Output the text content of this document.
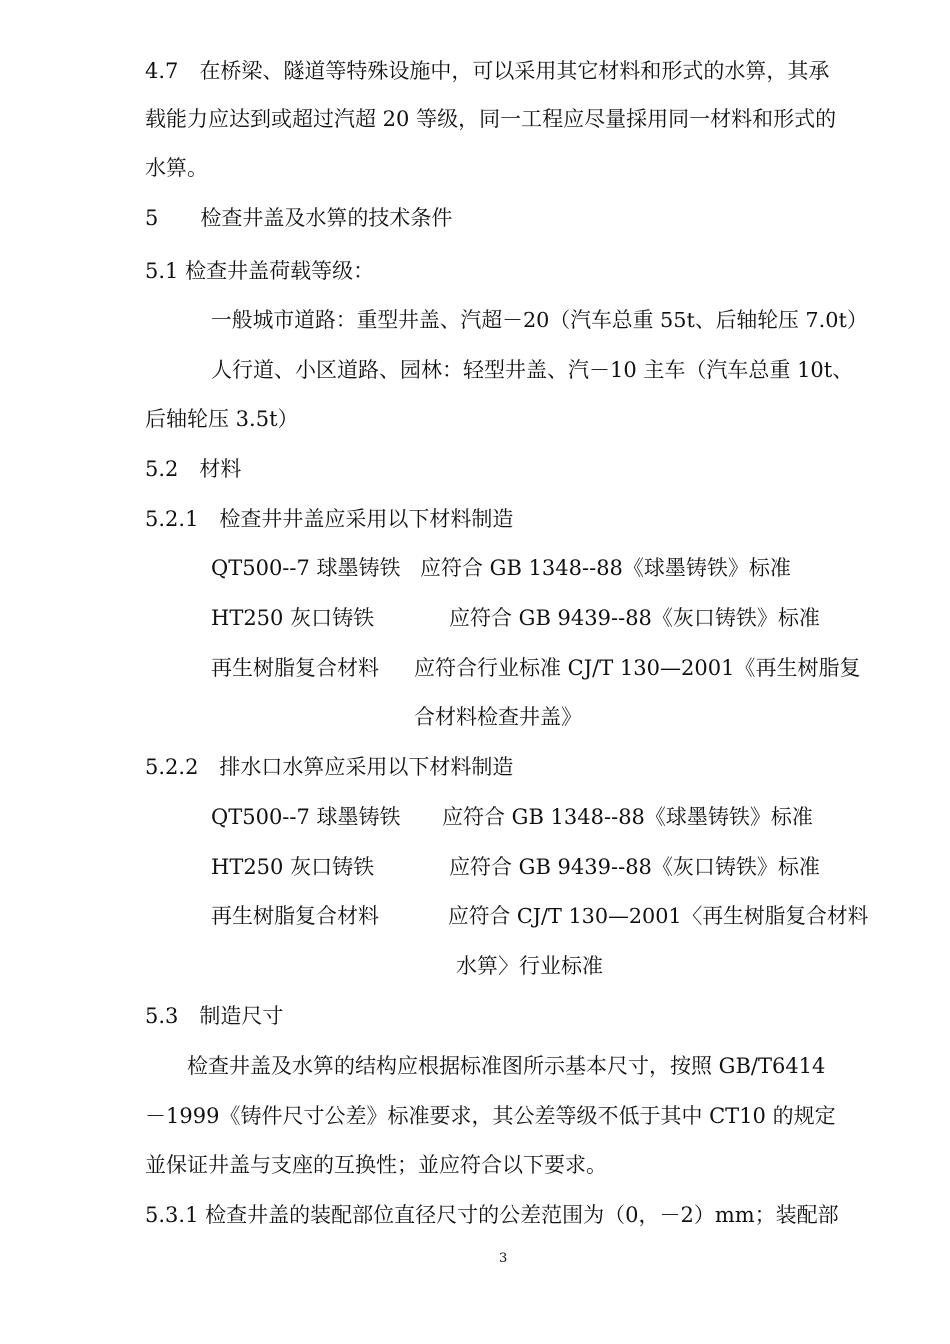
4.7　在桥梁、隧道等特殊设施中，可以采用其它材料和形式的水箅，其承
载能力应达到或超过汽超 20 等级，同一工程应尽量採用同一材料和形式的
水箅。
5　　检查井盖及水箅的技术条件
5.1 检查井盖荷载等级：
一般城市道路：重型井盖、汽超－20（汽车总重 55t、后轴轮压 7.0t）
人行道、小区道路、园林：轻型井盖、汽－10 主车（汽车总重 10t、
后轴轮压 3.5t）
5.2　材料
5.2.1　检查井井盖应采用以下材料制造
QT500--7 球墨铸铁 应符合 GB 1348--88《球墨铸铁》标准
HT250 灰口铸铁	应符合 GB 9439--88《灰口铸铁》标准
再生树脂复合材料 应符合行业标准 CJ/T 130—2001《再生树脂复
合材料检查井盖》
5.2.2　排水口水箅应采用以下材料制造
QT500--7 球墨铸铁 应符合 GB 1348--88《球墨铸铁》标准
HT250 灰口铸铁	应符合 GB 9439--88《灰口铸铁》标准
再生树脂复合材料	应符合 CJ/T 130—2001〈再生树脂复合材料
水箅〉行业标准
5.3　制造尺寸
检查井盖及水箅的结构应根据标准图所示基本尺寸，按照 GB/T6414
－1999《铸件尺寸公差》标准要求，其公差等级不低于其中 CT10 的规定
並保证井盖与支座的互换性；並应符合以下要求。
5.3.1 检查井盖的装配部位直径尺寸的公差范围为（0，－2）mm；装配部
3
